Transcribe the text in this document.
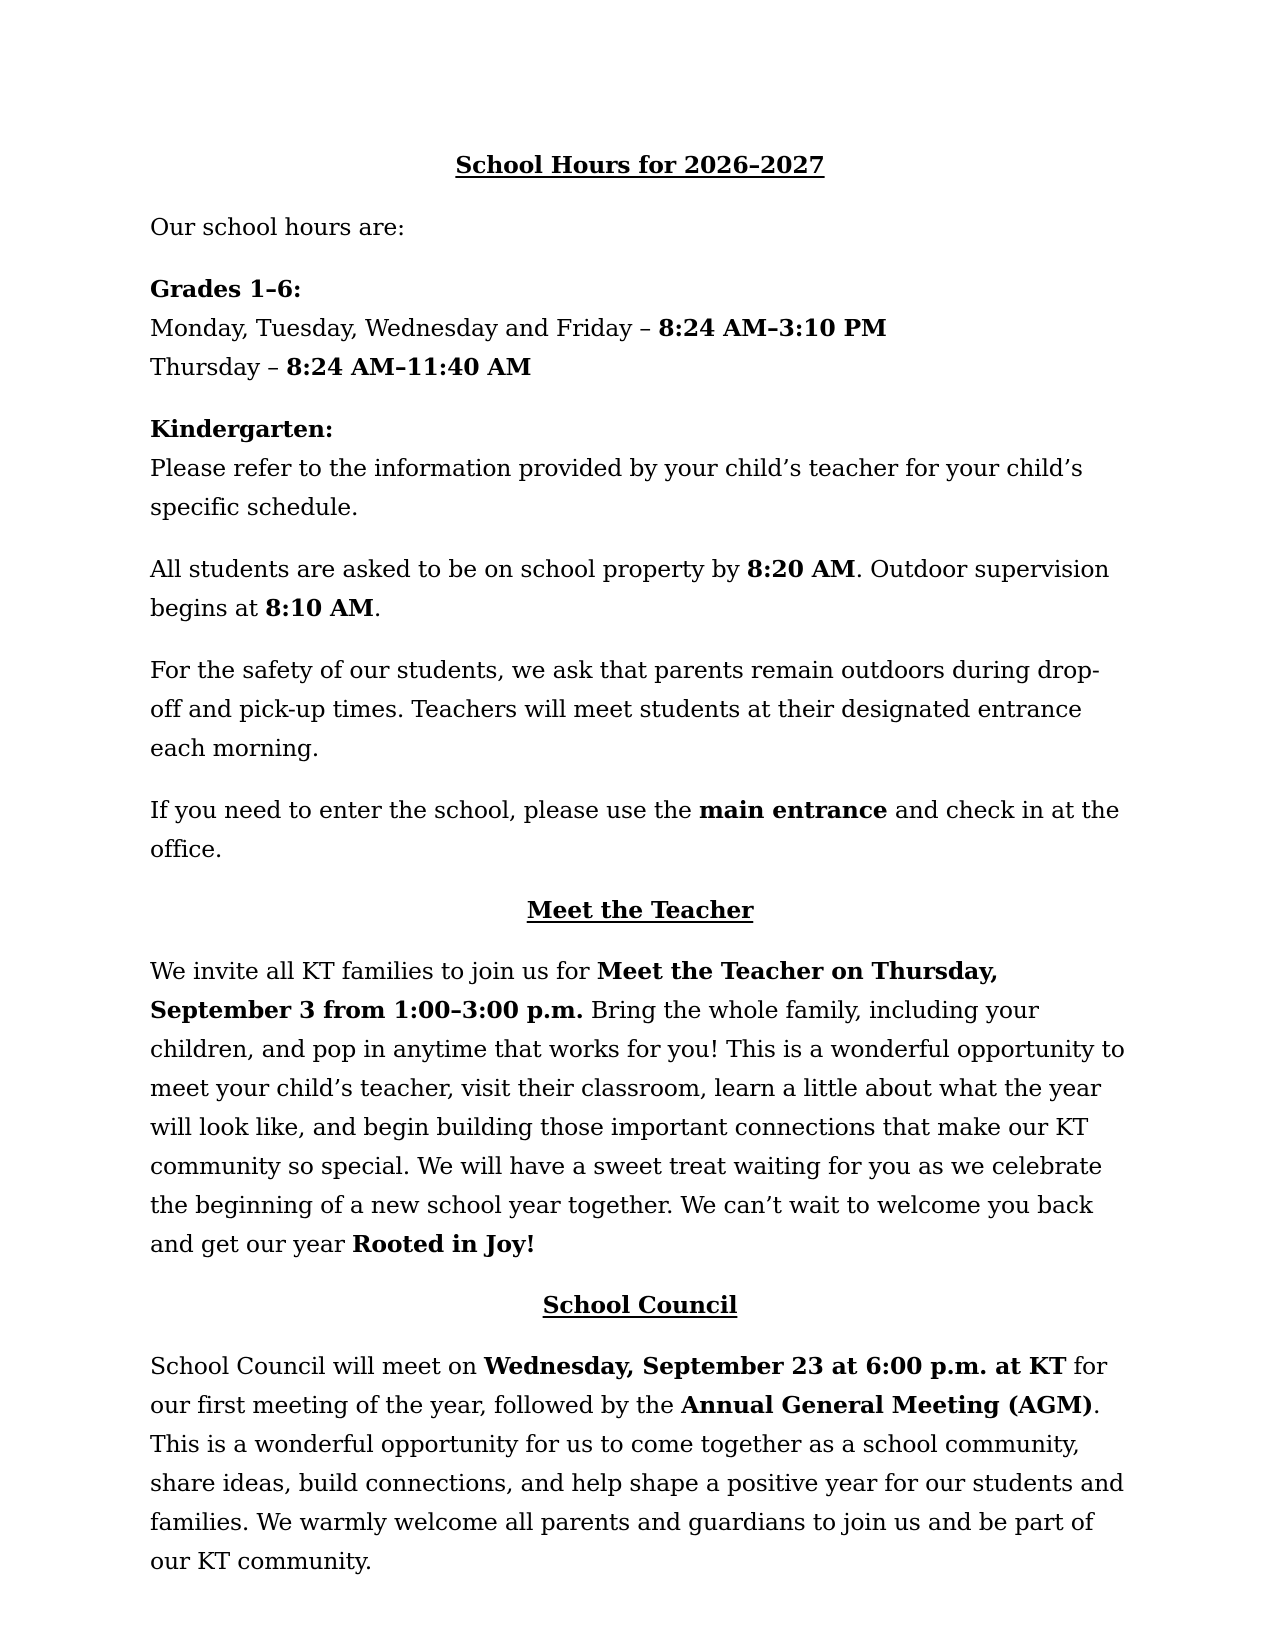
School Hours for 2026–2027

Our school hours are:

Grades 1–6:

Monday, Tuesday, Wednesday and Friday – 8:24 AM–3:10 PM

Thursday – 8:24 AM–11:40 AM

Kindergarten:

Please refer to the information provided by your child’s teacher for your child’s specific schedule.

All students are asked to be on school property by 8:20 AM. Outdoor supervision begins at 8:10 AM.

For the safety of our students, we ask that parents remain outdoors during drop-off and pick-up times. Teachers will meet students at their designated entrance each morning.

If you need to enter the school, please use the main entrance and check in at the office.

Meet the Teacher

We invite all KT families to join us for Meet the Teacher on Thursday, September 3 from 1:00–3:00 p.m. Bring the whole family, including your children, and pop in anytime that works for you! This is a wonderful opportunity to meet your child’s teacher, visit their classroom, learn a little about what the year will look like, and begin building those important connections that make our KT community so special. We will have a sweet treat waiting for you as we celebrate the beginning of a new school year together. We can’t wait to welcome you back and get our year Rooted in Joy!

School Council

School Council will meet on Wednesday, September 23 at 6:00 p.m. at KT for our first meeting of the year, followed by the Annual General Meeting (AGM). This is a wonderful opportunity for us to come together as a school community, share ideas, build connections, and help shape a positive year for our students and families. We warmly welcome all parents and guardians to join us and be part of our KT community.
